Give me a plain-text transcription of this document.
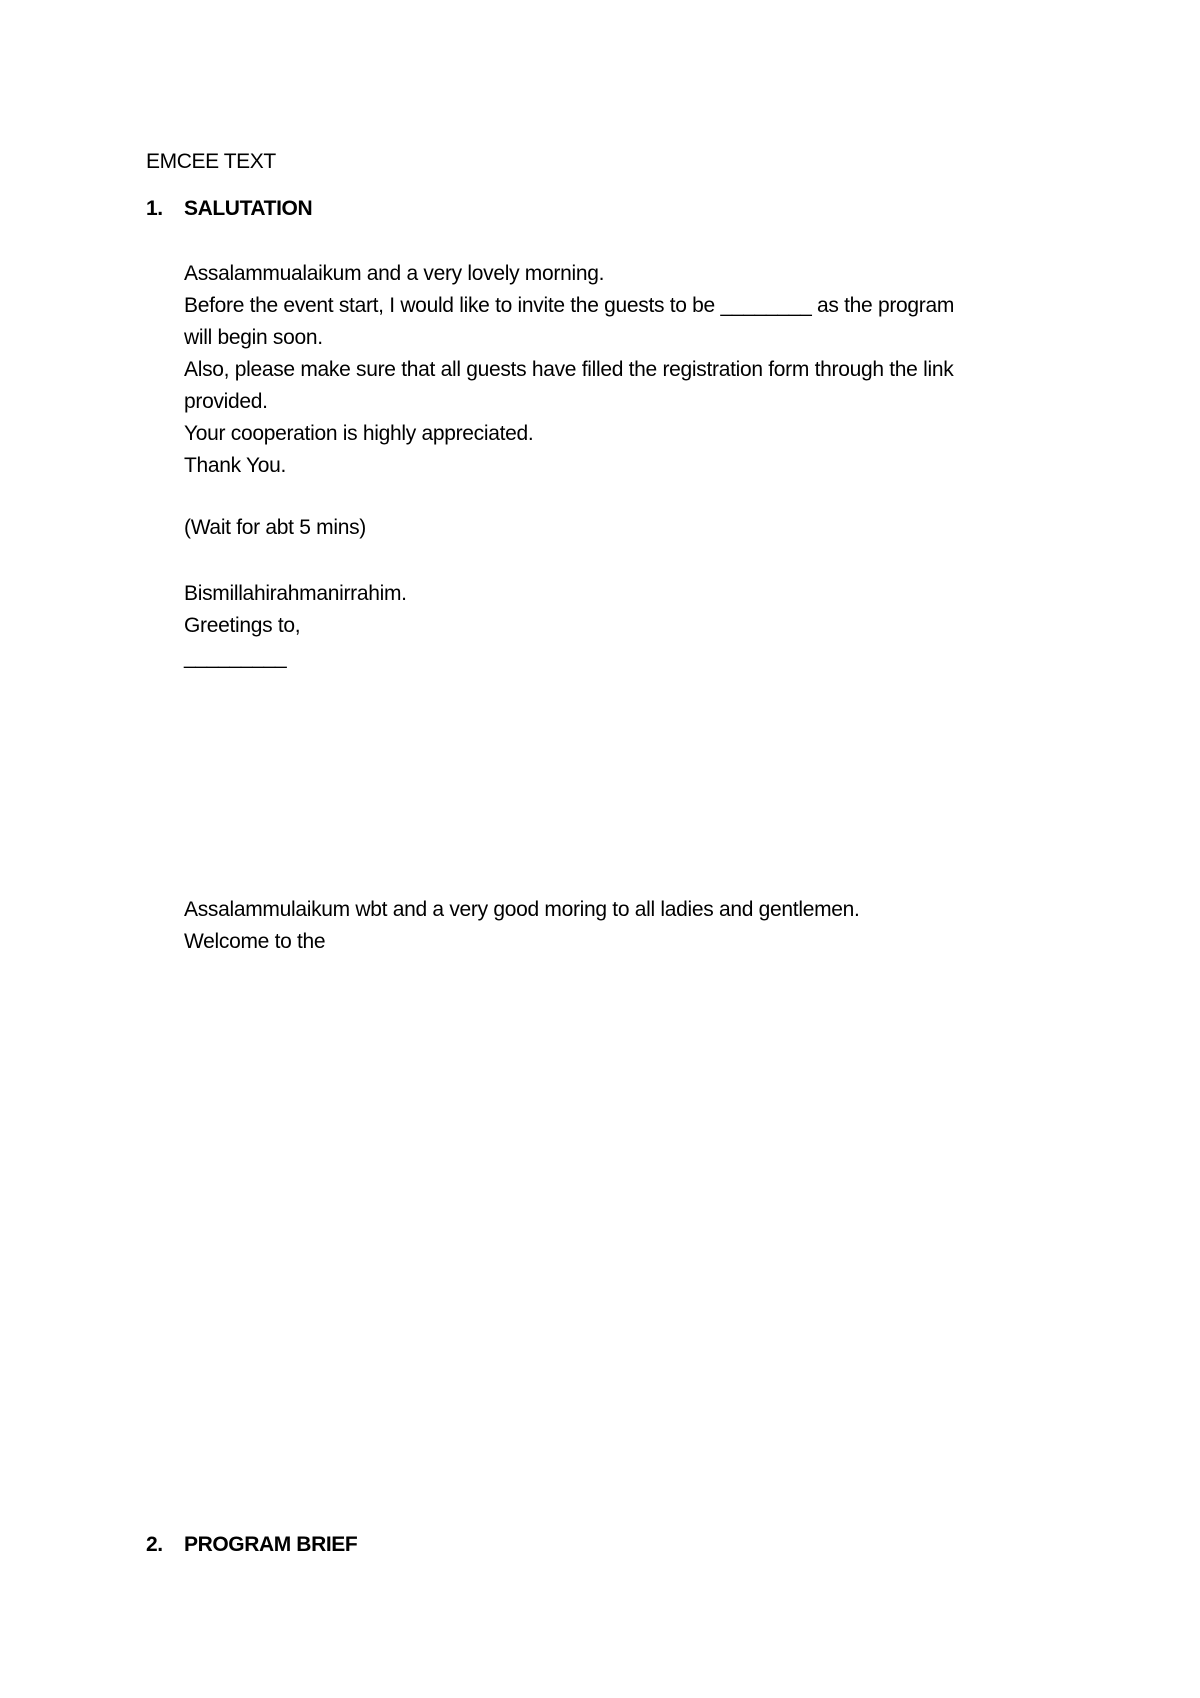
EMCEE TEXT
1. SALUTATION
Assalammualaikum and a very lovely morning.
Before the event start, I would like to invite the guests to be ________ as the program
will begin soon.
Also, please make sure that all guests have filled the registration form through the link
provided.
Your cooperation is highly appreciated.
Thank You.
(Wait for abt 5 mins)
Bismillahirahmanirrahim.
Greetings to,
_________
Assalammulaikum wbt and a very good moring to all ladies and gentlemen.
Welcome to the
2. PROGRAM BRIEF
